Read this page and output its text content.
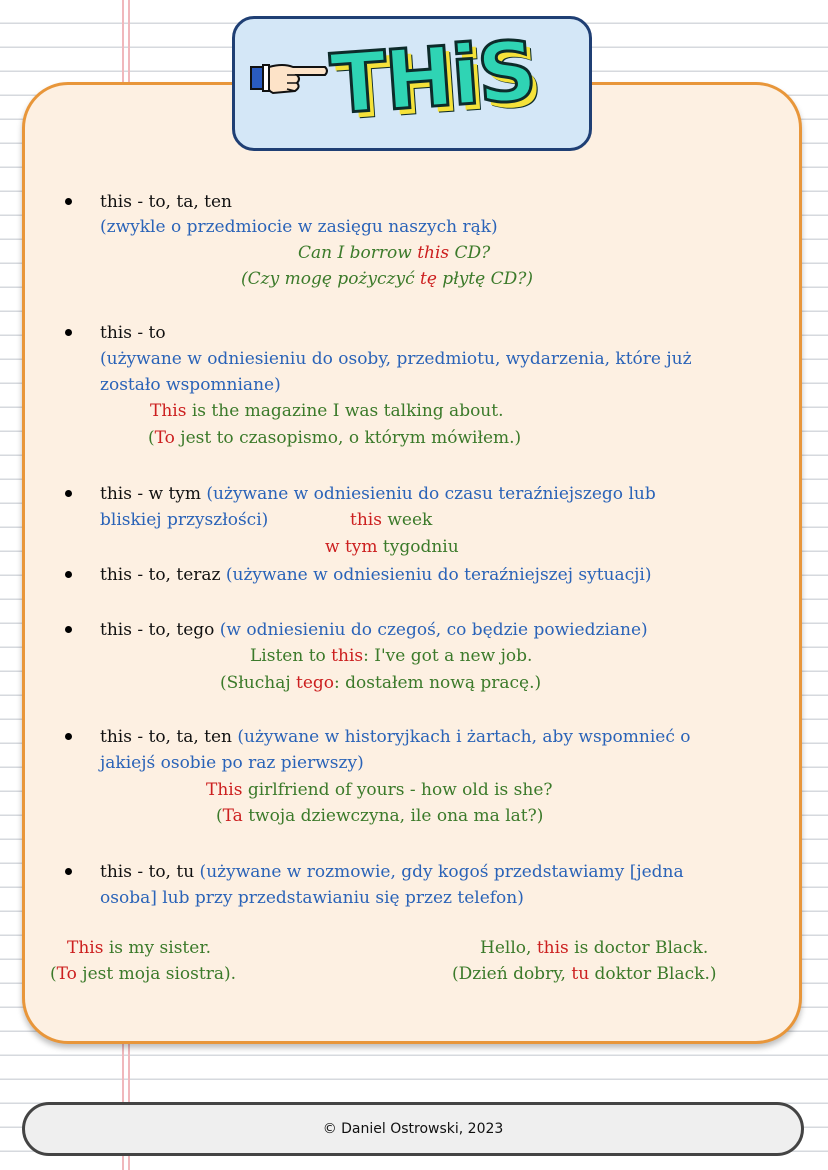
THiS
this - to, ta, ten
(zwykle o przedmiocie w zasięgu naszych rąk)
Can I borrow this CD?
(Czy mogę pożyczyć tę płytę CD?)
this - to
(używane w odniesieniu do osoby, przedmiotu, wydarzenia, które już
zostało wspomniane)
This is the magazine I was talking about.
(To jest to czasopismo, o którym mówiłem.)
this - w tym (używane w odniesieniu do czasu teraźniejszego lub
bliskiej przyszłości)	this week
w tym tygodniu
this - to, teraz (używane w odniesieniu do teraźniejszej sytuacji)
this - to, tego (w odniesieniu do czegoś, co będzie powiedziane)
Listen to this: I've got a new job.
(Słuchaj tego: dostałem nową pracę.)
this - to, ta, ten (używane w historyjkach i żartach, aby wspomnieć o
jakiejś osobie po raz pierwszy)
This girlfriend of yours - how old is she?
(Ta twoja dziewczyna, ile ona ma lat?)
this - to, tu (używane w rozmowie, gdy kogoś przedstawiamy [jedna
osoba] lub przy przedstawianiu się przez telefon)
This is my sister.
(To jest moja siostra).
Hello, this is doctor Black.
(Dzień dobry, tu doktor Black.)
© Daniel Ostrowski, 2023
